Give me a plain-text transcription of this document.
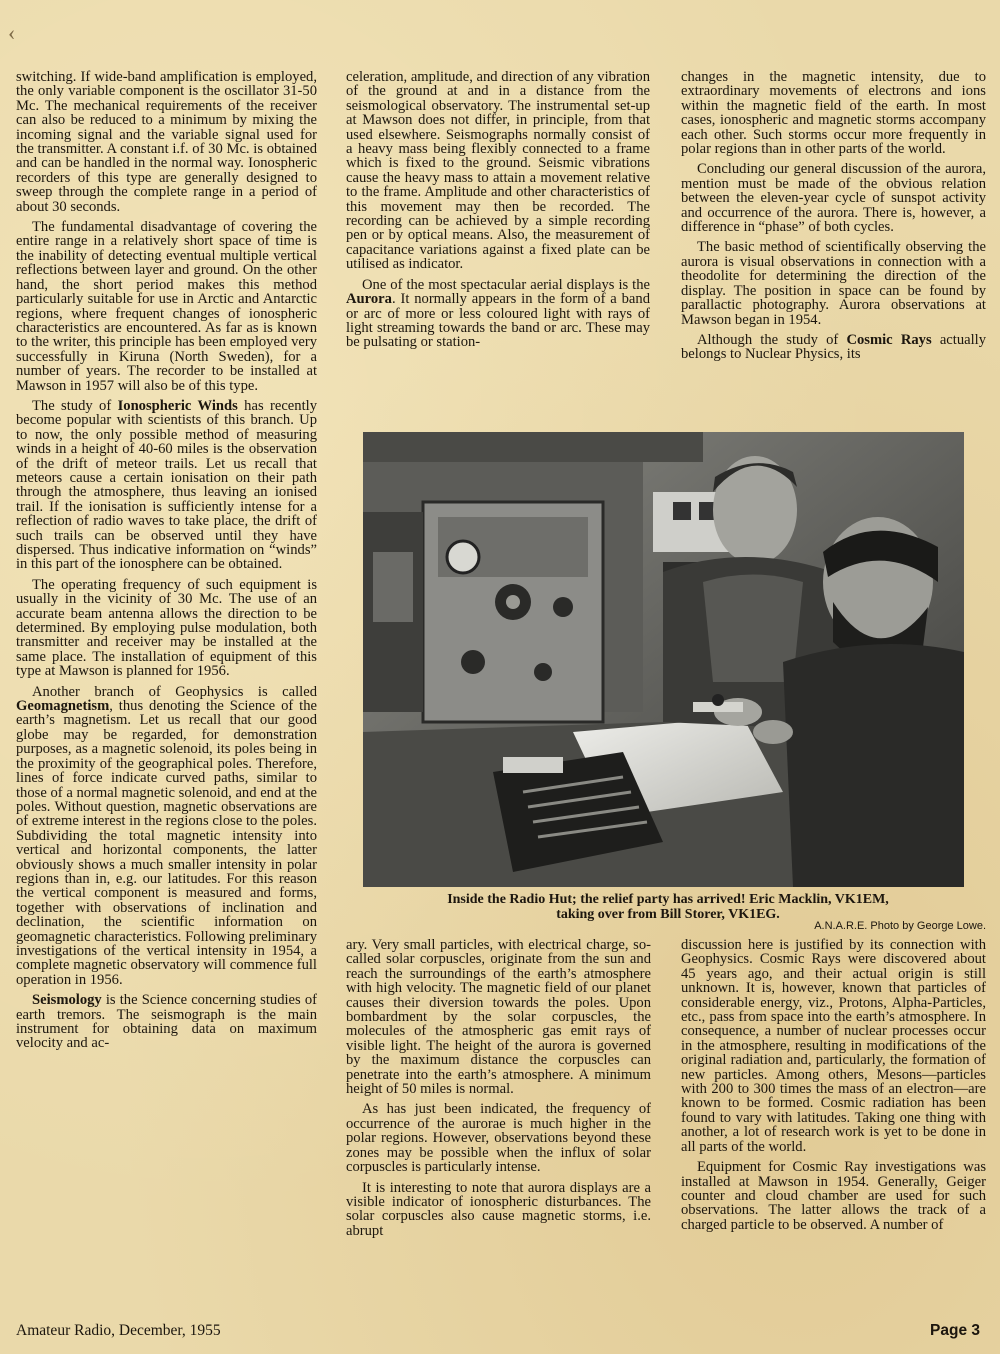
‹

switching. If wide-band amplification is employed, the only variable component is the oscillator 31-50 Mc. The mechanical requirements of the receiver can also be reduced to a minimum by mixing the incoming signal and the variable signal used for the transmitter. A constant i.f. of 30 Mc. is obtained and can be handled in the normal way. Ionospheric recorders of this type are generally designed to sweep through the complete range in a period of about 30 seconds.

The fundamental disadvantage of covering the entire range in a relatively short space of time is the inability of detecting eventual multiple vertical reflections between layer and ground. On the other hand, the short period makes this method particularly suitable for use in Arctic and Antarctic regions, where frequent changes of ionospheric characteristics are encountered. As far as is known to the writer, this principle has been employed very successfully in Kiruna (North Sweden), for a number of years. The recorder to be installed at Mawson in 1957 will also be of this type.

The study of Ionospheric Winds has recently become popular with scientists of this branch. Up to now, the only possible method of measuring winds in a height of 40-60 miles is the observation of the drift of meteor trails. Let us recall that meteors cause a certain ionisation on their path through the atmosphere, thus leaving an ionised trail. If the ionisation is sufficiently intense for a reflection of radio waves to take place, the drift of such trails can be observed until they have dispersed. Thus indicative information on “winds” in this part of the ionosphere can be obtained.

The operating frequency of such equipment is usually in the vicinity of 30 Mc. The use of an accurate beam antenna allows the direction to be determined. By employing pulse modulation, both transmitter and receiver may be installed at the same place. The installation of equipment of this type at Mawson is planned for 1956.

Another branch of Geophysics is called Geomagnetism, thus denoting the Science of the earth’s magnetism. Let us recall that our good globe may be regarded, for demonstration purposes, as a magnetic solenoid, its poles being in the proximity of the geographical poles. Therefore, lines of force indicate curved paths, similar to those of a normal magnetic solenoid, and end at the poles. Without question, magnetic observations are of extreme interest in the regions close to the poles. Subdividing the total magnetic intensity into vertical and horizontal components, the latter obviously shows a much smaller intensity in polar regions than in, e.g. our latitudes. For this reason the vertical component is measured and forms, together with observations of inclination and declination, the scientific information on geomagnetic characteristics. Following preliminary investigations of the vertical intensity in 1954, a complete magnetic observatory will commence full operation in 1956.

Seismology is the Science concerning studies of earth tremors. The seismograph is the main instrument for obtaining data on maximum velocity and ac-

celeration, amplitude, and direction of any vibration of the ground at and in a distance from the seismological observatory. The instrumental set-up at Mawson does not differ, in principle, from that used elsewhere. Seismographs normally consist of a heavy mass being flexibly connected to a frame which is fixed to the ground. Seismic vibrations cause the heavy mass to attain a movement relative to the frame. Amplitude and other characteristics of this movement may then be recorded. The recording can be achieved by a simple recording pen or by optical means. Also, the measurement of capacitance variations against a fixed plate can be utilised as indicator.

One of the most spectacular aerial displays is the Aurora. It normally appears in the form of a band or arc of more or less coloured light with rays of light streaming towards the band or arc. These may be pulsating or station-

changes in the magnetic intensity, due to extraordinary movements of electrons and ions within the magnetic field of the earth. In most cases, ionospheric and magnetic storms accompany each other. Such storms occur more frequently in polar regions than in other parts of the world.

Concluding our general discussion of the aurora, mention must be made of the obvious relation between the eleven-year cycle of sunspot activity and occurrence of the aurora. There is, however, a difference in “phase” of both cycles.

The basic method of scientifically observing the aurora is visual observations in connection with a theodolite for determining the direction of the display. The position in space can be found by parallactic photography. Aurora observations at Mawson began in 1954.

Although the study of Cosmic Rays actually belongs to Nuclear Physics, its

Inside the Radio Hut; the relief party has arrived! Eric Macklin, VK1EM,
taking over from Bill Storer, VK1EG.
A.N.A.R.E. Photo by George Lowe.

ary. Very small particles, with electrical charge, so-called solar corpuscles, originate from the sun and reach the surroundings of the earth’s atmosphere with high velocity. The magnetic field of our planet causes their diversion towards the poles. Upon bombardment by the solar corpuscles, the molecules of the atmospheric gas emit rays of visible light. The height of the aurora is governed by the maximum distance the corpuscles can penetrate into the earth’s atmosphere. A minimum height of 50 miles is normal.

As has just been indicated, the frequency of occurrence of the aurorae is much higher in the polar regions. However, observations beyond these zones may be possible when the influx of solar corpuscles is particularly intense.

It is interesting to note that aurora displays are a visible indicator of ionospheric disturbances. The solar corpuscles also cause magnetic storms, i.e. abrupt

discussion here is justified by its connection with Geophysics. Cosmic Rays were discovered about 45 years ago, and their actual origin is still unknown. It is, however, known that particles of considerable energy, viz., Protons, Alpha-Particles, etc., pass from space into the earth’s atmosphere. In consequence, a number of nuclear processes occur in the atmosphere, resulting in modifications of the original radiation and, particularly, the formation of new particles. Among others, Mesons—particles with 200 to 300 times the mass of an electron—are known to be formed. Cosmic radiation has been found to vary with latitudes. Taking one thing with another, a lot of research work is yet to be done in all parts of the world.

Equipment for Cosmic Ray investigations was installed at Mawson in 1954. Generally, Geiger counter and cloud chamber are used for such observations. The latter allows the track of a charged particle to be observed. A number of

Amateur Radio, December, 1955	Page 3
